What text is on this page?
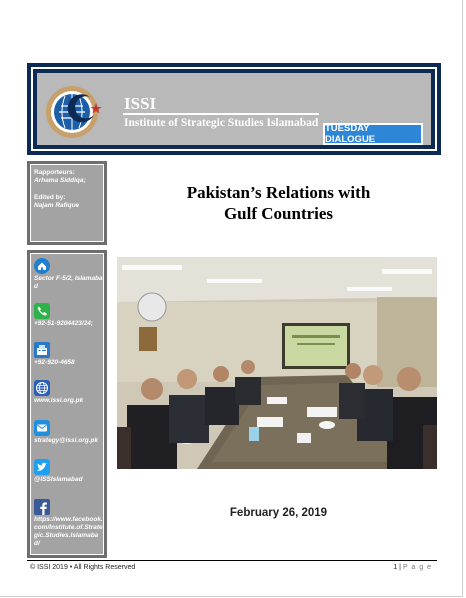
ISSI
Institute of Strategic Studies Islamabad TUESDAY DIALOGUE
Rapporteurs:
Arhama Siddiqa;
Edited by:
Najam Rafique
Sector F-5/2, Islamabad
+92-51-9204423/24;
+92-920-4658
www.issi.org.pk
strategy@issi.org.pk
@ISSIslamabad
https://www.facebook.com/Institute.of.Strategic.Studies.Islamabad/
Pakistan’s Relations with
Gulf Countries
February 26, 2019
© ISSI 2019 • All Rights Reserved	1 | P a g e
